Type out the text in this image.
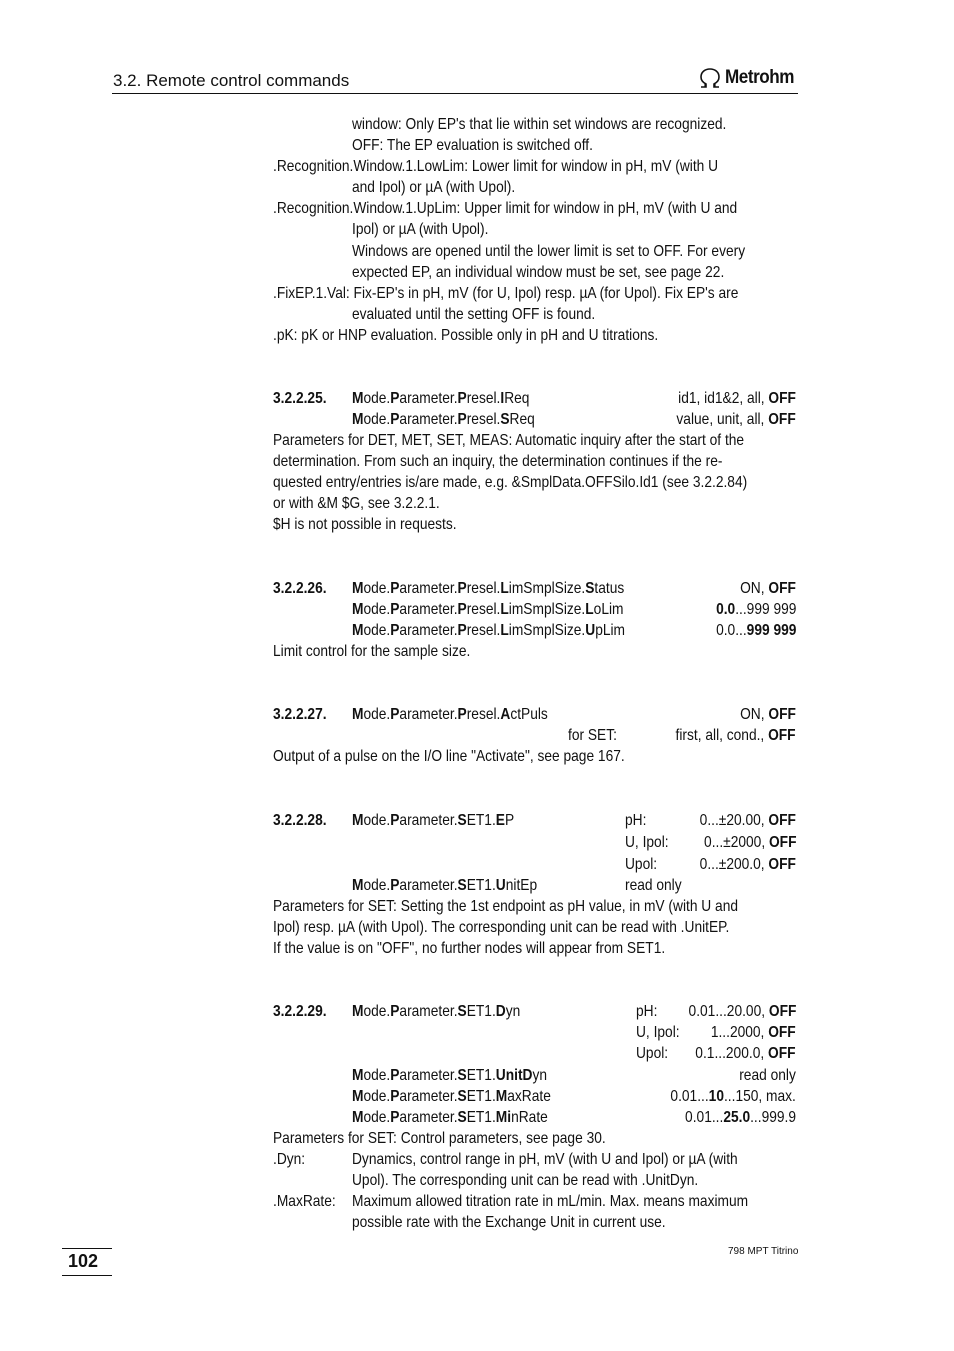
3.2. Remote control commands	Metrohm
window: Only EP's that lie within set windows are recognized.
OFF: The EP evaluation is switched off.
.Recognition.Window.1.LowLim: Lower limit for window in pH, mV (with U
and Ipol) or µA (with Upol).
.Recognition.Window.1.UpLim: Upper limit for window in pH, mV (with U and
Ipol) or µA (with Upol).
Windows are opened until the lower limit is set to OFF. For every
expected EP, an individual window must be set, see page 22.
.FixEP.1.Val: Fix-EP's in pH, mV (for U, Ipol) resp. µA (for Upol). Fix EP's are
evaluated until the setting OFF is found.
.pK: pK or HNP evaluation. Possible only in pH and U titrations.
3.2.2.25. Mode.Parameter.Presel.IReq	id1, id1&2, all, OFF
Mode.Parameter.Presel.SReq	value, unit, all, OFF
Parameters for DET, MET, SET, MEAS: Automatic inquiry after the start of the
determination. From such an inquiry, the determination continues if the re-
quested entry/entries is/are made, e.g. &SmplData.OFFSilo.Id1 (see 3.2.2.84)
or with &M $G, see 3.2.2.1.
$H is not possible in requests.
3.2.2.26. Mode.Parameter.Presel.LimSmplSize.Status	ON, OFF
Mode.Parameter.Presel.LimSmplSize.LoLim	0.0...999 999
Mode.Parameter.Presel.LimSmplSize.UpLim	0.0...999 999
Limit control for the sample size.
3.2.2.27. Mode.Parameter.Presel.ActPuls	ON, OFF
for SET:	first, all, cond., OFF
Output of a pulse on the I/O line "Activate", see page 167.
3.2.2.28. Mode.Parameter.SET1.EP	pH:	0...±20.00, OFF
U, Ipol: 0...±2000, OFF
Upol:	0...±200.0, OFF
Mode.Parameter.SET1.UnitEp	read only
Parameters for SET: Setting the 1st endpoint as pH value, in mV (with U and
Ipol) resp. µA (with Upol). The corresponding unit can be read with .UnitEP.
If the value is on "OFF", no further nodes will appear from SET1.
3.2.2.29. Mode.Parameter.SET1.Dyn	pH: 0.01...20.00, OFF
U, Ipol: 1...2000, OFF
Upol: 0.1...200.0, OFF
Mode.Parameter.SET1.UnitDyn	read only
Mode.Parameter.SET1.MaxRate	0.01...10...150, max.
Mode.Parameter.SET1.MinRate	0.01...25.0...999.9
Parameters for SET: Control parameters, see page 30.
.Dyn:	Dynamics, control range in pH, mV (with U and Ipol) or µA (with
Upol). The corresponding unit can be read with .UnitDyn.
.MaxRate: Maximum allowed titration rate in mL/min. Max. means maximum
possible rate with the Exchange Unit in current use.
102	798 MPT Titrino
